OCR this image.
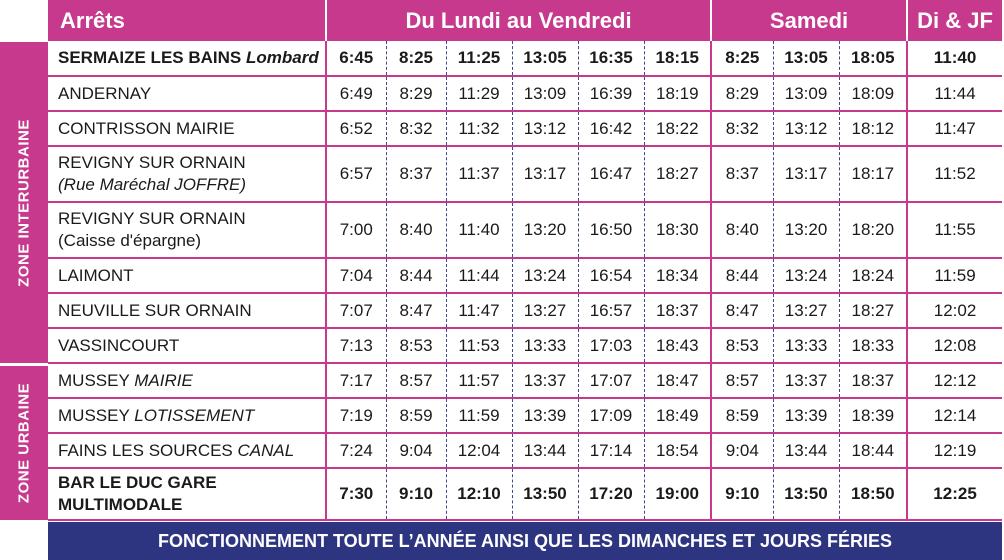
ZONE INTERURBAINE
ZONE URBAINE
Arrêts	Du Lundi au Vendredi						Samedi			Di & JF
SERMAIZE LES BAINS Lombard	6:45	8:25	11:25	13:05	16:35	18:15	8:25	13:05	18:05	11:40
ANDERNAY	6:49	8:29	11:29	13:09	16:39	18:19	8:29	13:09	18:09	11:44
CONTRISSON MAIRIE	6:52	8:32	11:32	13:12	16:42	18:22	8:32	13:12	18:12	11:47
REVIGNY SUR ORNAIN
(Rue Maréchal JOFFRE)	6:57	8:37	11:37	13:17	16:47	18:27	8:37	13:17	18:17	11:52
REVIGNY SUR ORNAIN
(Caisse d'épargne)	7:00	8:40	11:40	13:20	16:50	18:30	8:40	13:20	18:20	11:55
LAIMONT	7:04	8:44	11:44	13:24	16:54	18:34	8:44	13:24	18:24	11:59
NEUVILLE SUR ORNAIN	7:07	8:47	11:47	13:27	16:57	18:37	8:47	13:27	18:27	12:02
VASSINCOURT	7:13	8:53	11:53	13:33	17:03	18:43	8:53	13:33	18:33	12:08
MUSSEY MAIRIE	7:17	8:57	11:57	13:37	17:07	18:47	8:57	13:37	18:37	12:12
MUSSEY LOTISSEMENT	7:19	8:59	11:59	13:39	17:09	18:49	8:59	13:39	18:39	12:14
FAINS LES SOURCES CANAL	7:24	9:04	12:04	13:44	17:14	18:54	9:04	13:44	18:44	12:19
BAR LE DUC GARE
MULTIMODALE	7:30	9:10	12:10	13:50	17:20	19:00	9:10	13:50	18:50	12:25
FONCTIONNEMENT TOUTE L’ANNÉE AINSI QUE LES DIMANCHES ET JOURS FÉRIES
